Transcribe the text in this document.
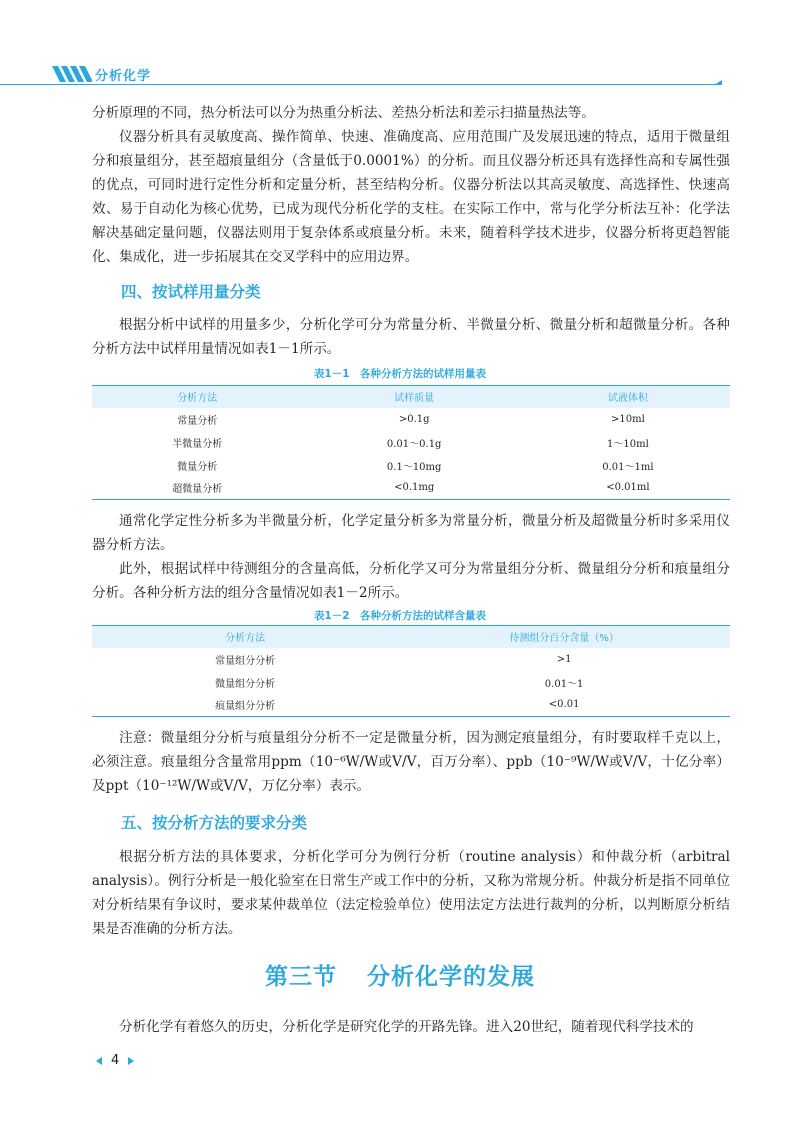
分析化学

分析原理的不同，热分析法可以分为热重分析法、差热分析法和差示扫描量热法等。

仪器分析具有灵敏度高、操作简单、快速、准确度高、应用范围广及发展迅速的特点，适用于微量组分和痕量组分，甚至超痕量组分（含量低于0.0001%）的分析。而且仪器分析还具有选择性高和专属性强的优点，可同时进行定性分析和定量分析，甚至结构分析。仪器分析法以其高灵敏度、高选择性、快速高效、易于自动化为核心优势，已成为现代分析化学的支柱。在实际工作中，常与化学分析法互补：化学法解决基础定量问题，仪器法则用于复杂体系或痕量分析。未来，随着科学技术进步，仪器分析将更趋智能化、集成化，进一步拓展其在交叉学科中的应用边界。

四、按试样用量分类

根据分析中试样的用量多少，分析化学可分为常量分析、半微量分析、微量分析和超微量分析。各种分析方法中试样用量情况如表1－1所示。

表1－1　各种分析方法的试样用量表
分析方法	试样质量	试液体积
常量分析	>0.1g	>10ml
半微量分析	0.01～0.1g	1～10ml
微量分析	0.1～10mg	0.01～1ml
超微量分析	<0.1mg	<0.01ml

通常化学定性分析多为半微量分析，化学定量分析多为常量分析，微量分析及超微量分析时多采用仪器分析方法。

此外，根据试样中待测组分的含量高低，分析化学又可分为常量组分分析、微量组分分析和痕量组分分析。各种分析方法的组分含量情况如表1－2所示。

表1－2　各种分析方法的试样含量表
分析方法	待测组分百分含量（%）
常量组分分析	>1
微量组分分析	0.01～1
痕量组分分析	<0.01

注意：微量组分分析与痕量组分分析不一定是微量分析，因为测定痕量组分，有时要取样千克以上，必须注意。痕量组分含量常用ppm（10⁻⁶W/W或V/V，百万分率）、ppb（10⁻⁹W/W或V/V，十亿分率）及ppt（10⁻¹²W/W或V/V，万亿分率）表示。

五、按分析方法的要求分类

根据分析方法的具体要求，分析化学可分为例行分析（routine analysis）和仲裁分析（arbitral analysis）。例行分析是一般化验室在日常生产或工作中的分析，又称为常规分析。仲裁分析是指不同单位对分析结果有争议时，要求某仲裁单位（法定检验单位）使用法定方法进行裁判的分析，以判断原分析结果是否准确的分析方法。

第三节 分析化学的发展

分析化学有着悠久的历史，分析化学是研究化学的开路先锋。进入20世纪，随着现代科学技术的

4
